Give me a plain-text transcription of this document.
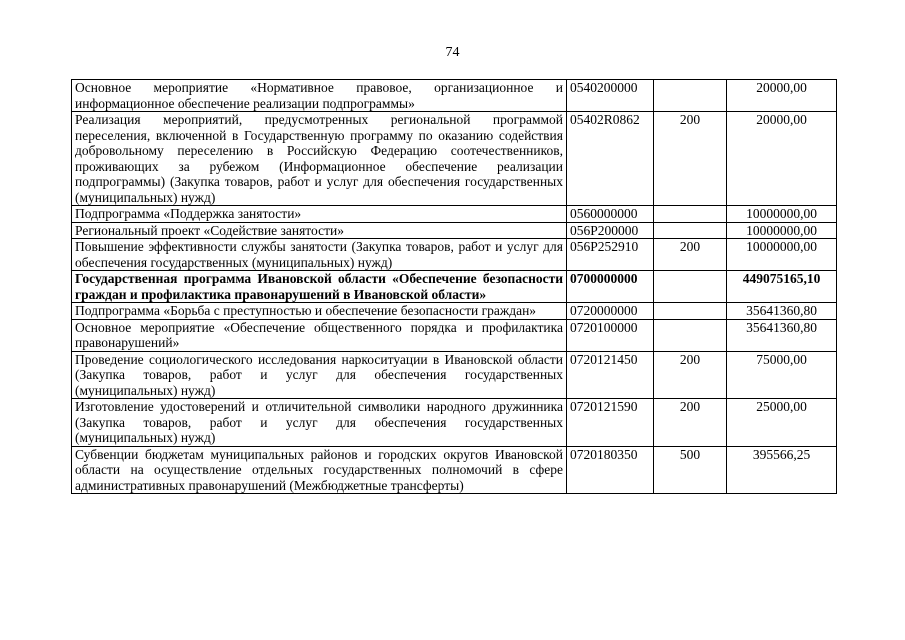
74
Основное мероприятие «Нормативное правовое, организационное и информационное обеспечение реализации подпрограммы»	0540200000		20000,00
Реализация мероприятий, предусмотренных региональной программой переселения, включенной в Государственную программу по оказанию содействия добровольному переселению в Российскую Федерацию соотечественников, проживающих за рубежом (Информационное обеспечение реализации подпрограммы) (Закупка товаров, работ и услуг для обеспечения государственных (муниципальных) нужд)	05402R0862	200	20000,00
Подпрограмма «Поддержка занятости»	0560000000		10000000,00
Региональный проект «Содействие занятости»	056P200000		10000000,00
Повышение эффективности службы занятости (Закупка товаров, работ и услуг для обеспечения государственных (муниципальных) нужд)	056P252910	200	10000000,00
Государственная программа Ивановской области «Обеспечение безопасности граждан и профилактика правонарушений в Ивановской области»	0700000000		449075165,10
Подпрограмма «Борьба с преступностью и обеспечение безопасности граждан»	0720000000		35641360,80
Основное мероприятие «Обеспечение общественного порядка и профилактика правонарушений»	0720100000		35641360,80
Проведение социологического исследования наркоситуации в Ивановской области (Закупка товаров, работ и услуг для обеспечения государственных (муниципальных) нужд)	0720121450	200	75000,00
Изготовление удостоверений и отличительной символики народного дружинника (Закупка товаров, работ и услуг для обеспечения государственных (муниципальных) нужд)	0720121590	200	25000,00
Субвенции бюджетам муниципальных районов и городских округов Ивановской области на осуществление отдельных государственных полномочий в сфере административных правонарушений (Межбюджетные трансферты)	0720180350	500	395566,25
